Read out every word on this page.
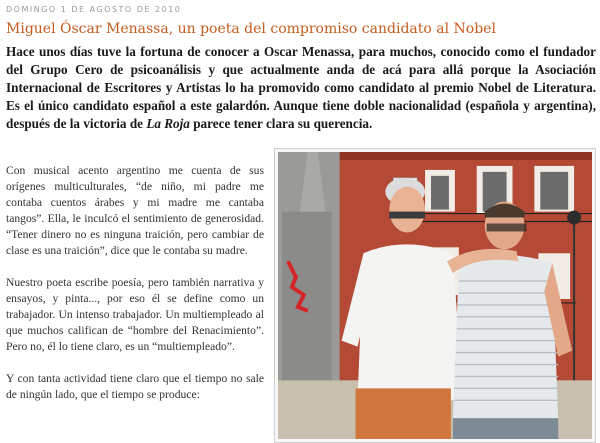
DOMINGO 1 DE AGOSTO DE 2010
Miguel Óscar Menassa, un poeta del compromiso candidato al Nobel

Hace unos días tuve la fortuna de conocer a Oscar Menassa, para muchos, conocido como el fundador del Grupo Cero de psicoanálisis y que actualmente anda de acá para allá porque la Asociación Internacional de Escritores y Artistas lo ha promovido como candidato al premio Nobel de Literatura. Es el único candidato español a este galardón. Aunque tiene doble nacionalidad (española y argentina), después de la victoria de La Roja parece tener clara su querencia.

Con musical acento argentino me cuenta de sus orígenes multiculturales, “de niño, mi padre me contaba cuentos árabes y mi madre me cantaba tangos”. Ella, le inculcó el sentimiento de generosidad. “Tener dinero no es ninguna traición, pero cambiar de clase es una traición”, dice que le contaba su madre.

Nuestro poeta escribe poesía, pero también narrativa y ensayos, y pinta..., por eso él se define como un trabajador. Un intenso trabajador. Un multiempleado al que muchos califican de “hombre del Renacimiento”. Pero no, él lo tiene claro, es un “multiempleado”.

Y con tanta actividad tiene claro que el tiempo no sale de ningún lado, que el tiempo se produce:
